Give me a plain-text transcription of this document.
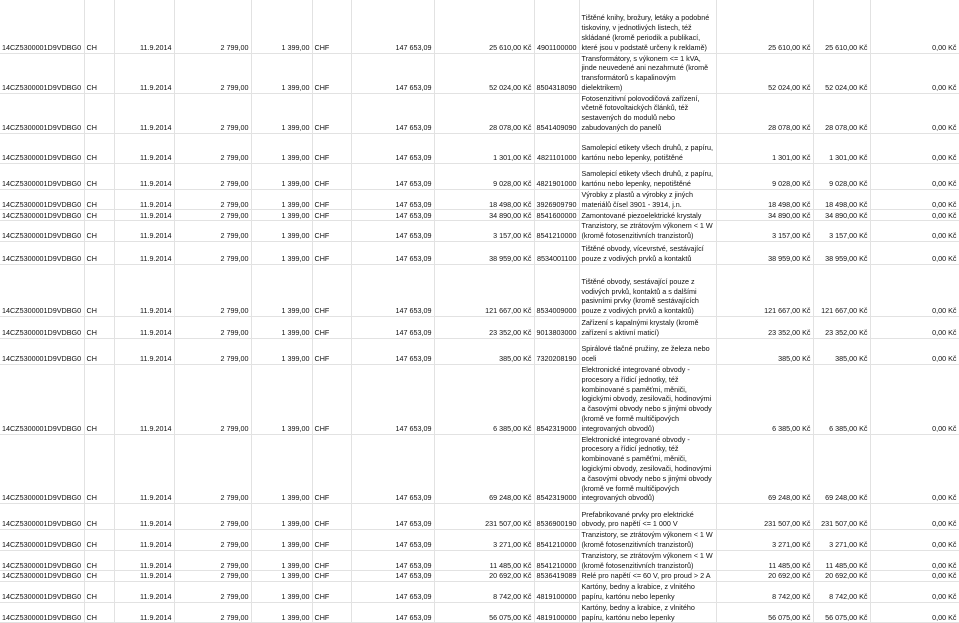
14CZ5300001D9VDBG0	CH	11.9.2014	2 799,00	1 399,00	CHF	147 653,09	25 610,00 Kč	4901100000	Tištěné knihy, brožury, letáky a podobné tiskoviny, v jednotlivých listech, též skládané (kromě periodik a publikací, které jsou v podstatě určeny k reklamě)	25 610,00 Kč	25 610,00 Kč	0,00 Kč
14CZ5300001D9VDBG0	CH	11.9.2014	2 799,00	1 399,00	CHF	147 653,09	52 024,00 Kč	8504318090	Transformátory, s výkonem <= 1 kVA, jinde neuvedené ani nezahrnuté (kromě transformátorů s kapalinovým dielektrikem)	52 024,00 Kč	52 024,00 Kč	0,00 Kč
14CZ5300001D9VDBG0	CH	11.9.2014	2 799,00	1 399,00	CHF	147 653,09	28 078,00 Kč	8541409090	Fotosenzitivní polovodičová zařízení, včetně fotovoltaických článků, též sestavených do modulů nebo zabudovaných do panelů	28 078,00 Kč	28 078,00 Kč	0,00 Kč
14CZ5300001D9VDBG0	CH	11.9.2014	2 799,00	1 399,00	CHF	147 653,09	1 301,00 Kč	4821101000	Samolepicí etikety všech druhů, z papíru, kartónu nebo lepenky, potištěné	1 301,00 Kč	1 301,00 Kč	0,00 Kč
14CZ5300001D9VDBG0	CH	11.9.2014	2 799,00	1 399,00	CHF	147 653,09	9 028,00 Kč	4821901000	Samolepicí etikety všech druhů, z papíru, kartónu nebo lepenky, nepotištěné	9 028,00 Kč	9 028,00 Kč	0,00 Kč
14CZ5300001D9VDBG0	CH	11.9.2014	2 799,00	1 399,00	CHF	147 653,09	18 498,00 Kč	3926909790	Výrobky z plastů a výrobky z jiných materiálů čísel 3901 - 3914, j.n.	18 498,00 Kč	18 498,00 Kč	0,00 Kč
14CZ5300001D9VDBG0	CH	11.9.2014	2 799,00	1 399,00	CHF	147 653,09	34 890,00 Kč	8541600000	Zamontované piezoelektrické krystaly	34 890,00 Kč	34 890,00 Kč	0,00 Kč
14CZ5300001D9VDBG0	CH	11.9.2014	2 799,00	1 399,00	CHF	147 653,09	3 157,00 Kč	8541210000	Tranzistory, se ztrátovým výkonem < 1 W (kromě fotosenzitivních tranzistorů)	3 157,00 Kč	3 157,00 Kč	0,00 Kč
14CZ5300001D9VDBG0	CH	11.9.2014	2 799,00	1 399,00	CHF	147 653,09	38 959,00 Kč	8534001100	Tištěné obvody, vícevrstvé, sestávající pouze z vodivých prvků a kontaktů	38 959,00 Kč	38 959,00 Kč	0,00 Kč
14CZ5300001D9VDBG0	CH	11.9.2014	2 799,00	1 399,00	CHF	147 653,09	121 667,00 Kč	8534009000	Tištěné obvody, sestávající pouze z vodivých prvků, kontaktů a s dalšími pasivními prvky (kromě sestávajících pouze z vodivých prvků a kontaktů)	121 667,00 Kč	121 667,00 Kč	0,00 Kč
14CZ5300001D9VDBG0	CH	11.9.2014	2 799,00	1 399,00	CHF	147 653,09	23 352,00 Kč	9013803000	Zařízení s kapalnými krystaly (kromě zařízení s aktivní maticí)	23 352,00 Kč	23 352,00 Kč	0,00 Kč
14CZ5300001D9VDBG0	CH	11.9.2014	2 799,00	1 399,00	CHF	147 653,09	385,00 Kč	7320208190	Spirálové tlačné pružiny, ze železa nebo oceli	385,00 Kč	385,00 Kč	0,00 Kč
14CZ5300001D9VDBG0	CH	11.9.2014	2 799,00	1 399,00	CHF	147 653,09	6 385,00 Kč	8542319000	Elektronické integrované obvody - procesory a řídicí jednotky, též kombinované s paměťmi, měniči, logickými obvody, zesilovači, hodinovými a časovými obvody nebo s jinými obvody (kromě ve formě multičipových integrovaných obvodů)	6 385,00 Kč	6 385,00 Kč	0,00 Kč
14CZ5300001D9VDBG0	CH	11.9.2014	2 799,00	1 399,00	CHF	147 653,09	69 248,00 Kč	8542319000	Elektronické integrované obvody - procesory a řídicí jednotky, též kombinované s paměťmi, měniči, logickými obvody, zesilovači, hodinovými a časovými obvody nebo s jinými obvody (kromě ve formě multičipových integrovaných obvodů)	69 248,00 Kč	69 248,00 Kč	0,00 Kč
14CZ5300001D9VDBG0	CH	11.9.2014	2 799,00	1 399,00	CHF	147 653,09	231 507,00 Kč	8536900190	Prefabrikované prvky pro elektrické obvody, pro napětí <= 1 000 V	231 507,00 Kč	231 507,00 Kč	0,00 Kč
14CZ5300001D9VDBG0	CH	11.9.2014	2 799,00	1 399,00	CHF	147 653,09	3 271,00 Kč	8541210000	Tranzistory, se ztrátovým výkonem < 1 W (kromě fotosenzitivních tranzistorů)	3 271,00 Kč	3 271,00 Kč	0,00 Kč
14CZ5300001D9VDBG0	CH	11.9.2014	2 799,00	1 399,00	CHF	147 653,09	11 485,00 Kč	8541210000	Tranzistory, se ztrátovým výkonem < 1 W (kromě fotosenzitivních tranzistorů)	11 485,00 Kč	11 485,00 Kč	0,00 Kč
14CZ5300001D9VDBG0	CH	11.9.2014	2 799,00	1 399,00	CHF	147 653,09	20 692,00 Kč	8536419089	Relé pro napětí <= 60 V, pro proud > 2 A	20 692,00 Kč	20 692,00 Kč	0,00 Kč
14CZ5300001D9VDBG0	CH	11.9.2014	2 799,00	1 399,00	CHF	147 653,09	8 742,00 Kč	4819100000	Kartóny, bedny a krabice, z vlnitého papíru, kartónu nebo lepenky	8 742,00 Kč	8 742,00 Kč	0,00 Kč
14CZ5300001D9VDBG0	CH	11.9.2014	2 799,00	1 399,00	CHF	147 653,09	56 075,00 Kč	4819100000	Kartóny, bedny a krabice, z vlnitého papíru, kartónu nebo lepenky	56 075,00 Kč	56 075,00 Kč	0,00 Kč
